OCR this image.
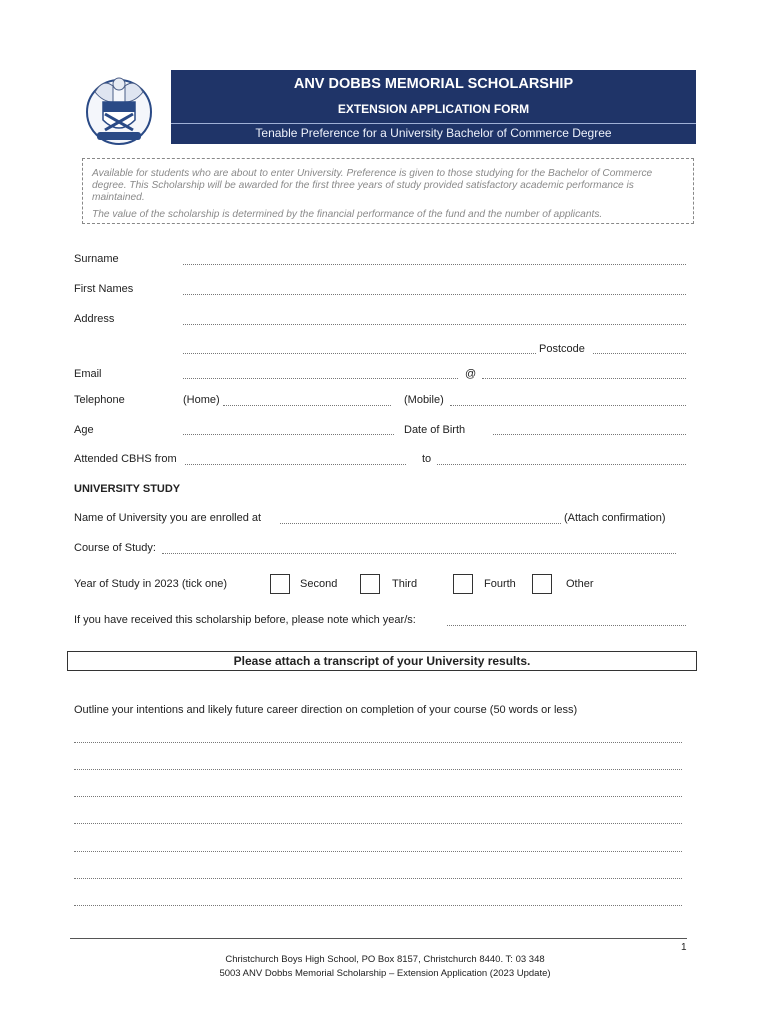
ANV DOBBS MEMORIAL SCHOLARSHIP
EXTENSION APPLICATION FORM
Tenable Preference for a University Bachelor of Commerce Degree

Available for students who are about to enter University. Preference is given to those studying for the Bachelor of Commerce degree. This Scholarship will be awarded for the first three years of study provided satisfactory academic performance is maintained.

The value of the scholarship is determined by the financial performance of the fund and the number of applicants.

Surname
First Names
Address
Postcode
Email	@
Telephone	(Home)	(Mobile)
Age	Date of Birth
Attended CBHS from	to
UNIVERSITY STUDY
Name of University you are enrolled at	(Attach confirmation)
Course of Study:
Year of Study in 2023 (tick one)	Second	Third	Fourth	Other
If you have received this scholarship before, please note which year/s:
Please attach a transcript of your University results.
Outline your intentions and likely future career direction on completion of your course (50 words or less)
1
Christchurch Boys High School, PO Box 8157, Christchurch 8440. T: 03 348
5003 ANV Dobbs Memorial Scholarship – Extension Application (2023 Update)
